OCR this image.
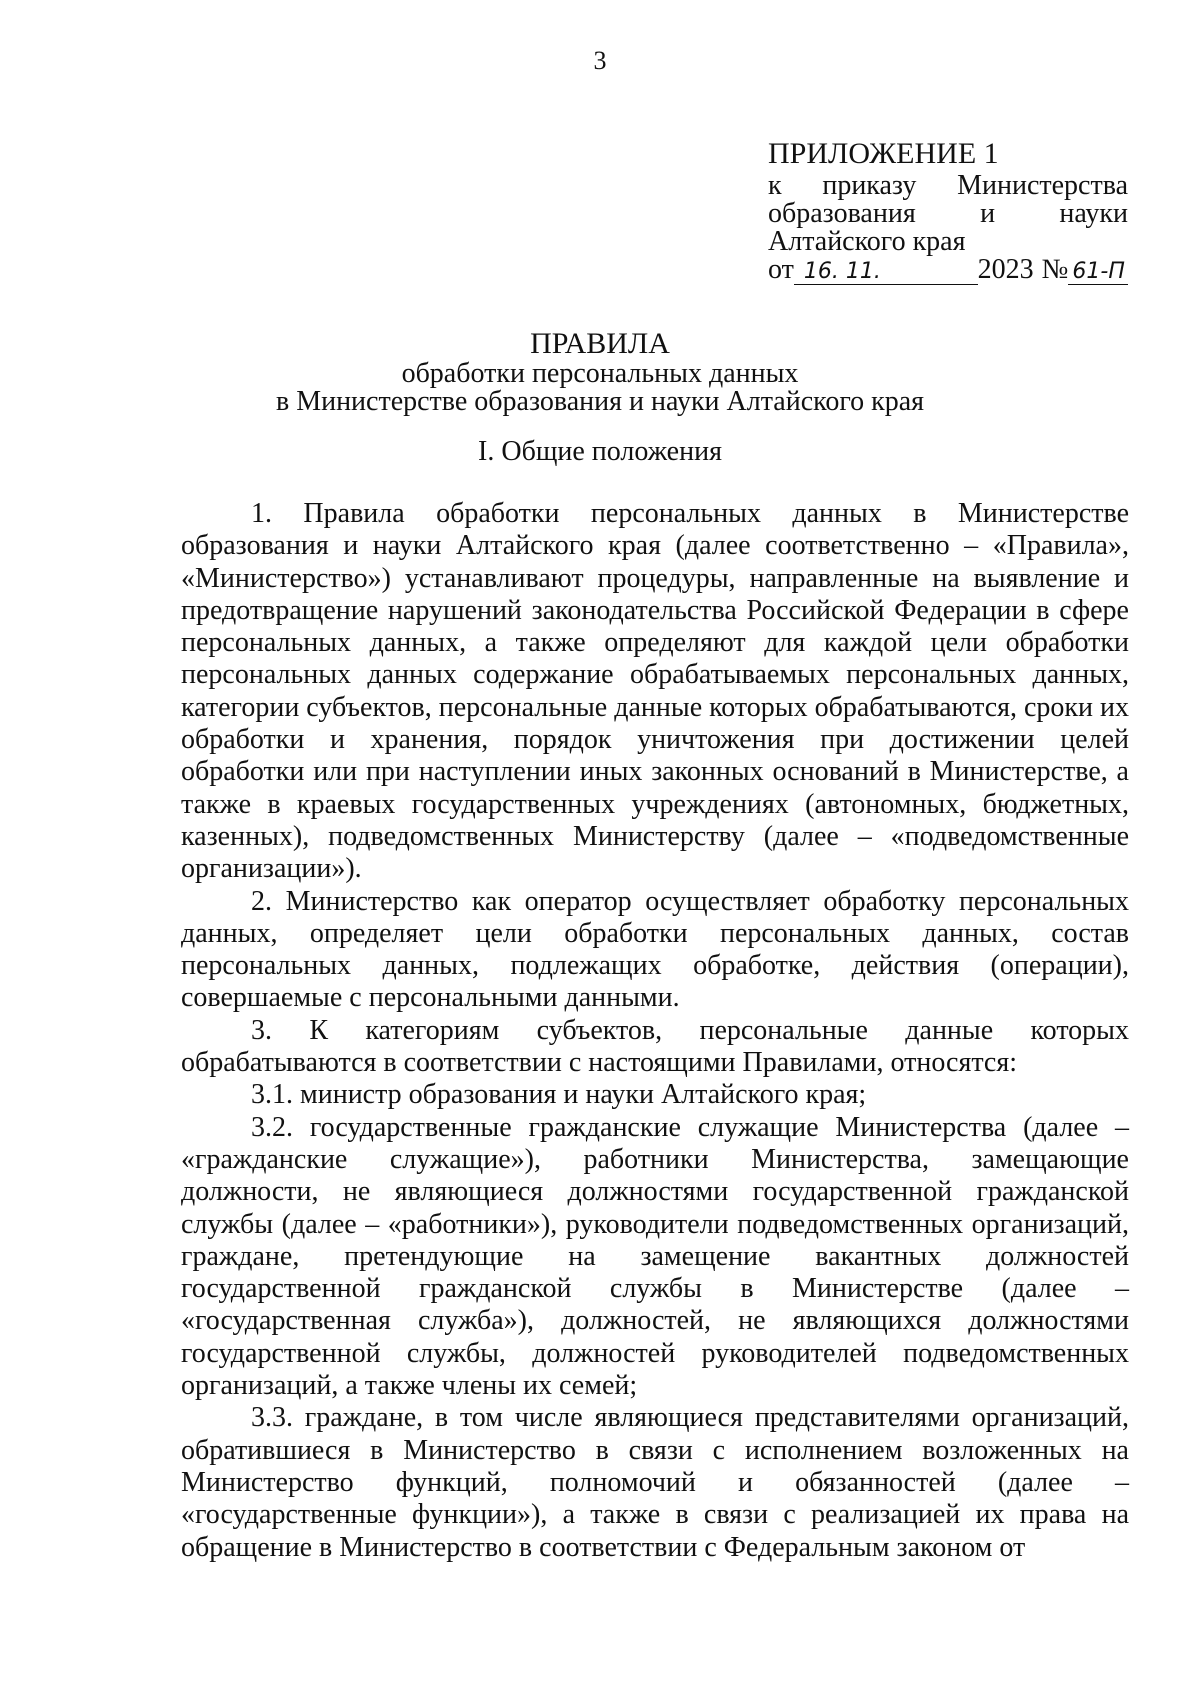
3
ПРИЛОЖЕНИЕ 1
к приказу Министерства
образования и науки
Алтайского края
от 16. 11.	2023 № 61-П
ПРАВИЛА
обработки персональных данных
в Министерстве образования и науки Алтайского края
I. Общие положения

1. Правила обработки персональных данных в Министерстве образования и науки Алтайского края (далее соответственно – «Правила», «Министерство») устанавливают процедуры, направленные на выявление и предотвращение нарушений законодательства Российской Федерации в сфере персональных данных, а также определяют для каждой цели обработки персональных данных содержание обрабатываемых персональных данных, категории субъектов, персональные данные которых обрабатываются, сроки их обработки и хранения, порядок уничтожения при достижении целей обработки или при наступлении иных законных оснований в Министерстве, а также в краевых государственных учреждениях (автономных, бюджетных, казенных), подведомственных Министерству (далее – «подведомственные организации»).

2. Министерство как оператор осуществляет обработку персональных данных, определяет цели обработки персональных данных, состав персональных данных, подлежащих обработке, действия (операции), совершаемые с персональными данными.

3. К категориям субъектов, персональные данные которых обрабатываются в соответствии с настоящими Правилами, относятся:

3.1. министр образования и науки Алтайского края;

3.2. государственные гражданские служащие Министерства (далее – «гражданские служащие»), работники Министерства, замещающие должности, не являющиеся должностями государственной гражданской службы (далее – «работники»), руководители подведомственных организаций, граждане, претендующие на замещение вакантных должностей государственной гражданской службы в Министерстве (далее – «государственная служба»), должностей, не являющихся должностями государственной службы, должностей руководителей подведомственных организаций, а также члены их семей;

3.3. граждане, в том числе являющиеся представителями организаций, обратившиеся в Министерство в связи с исполнением возложенных на Министерство функций, полномочий и обязанностей (далее – «государственные функции»), а также в связи с реализацией их права на обращение в Министерство в соответствии с Федеральным законом от
